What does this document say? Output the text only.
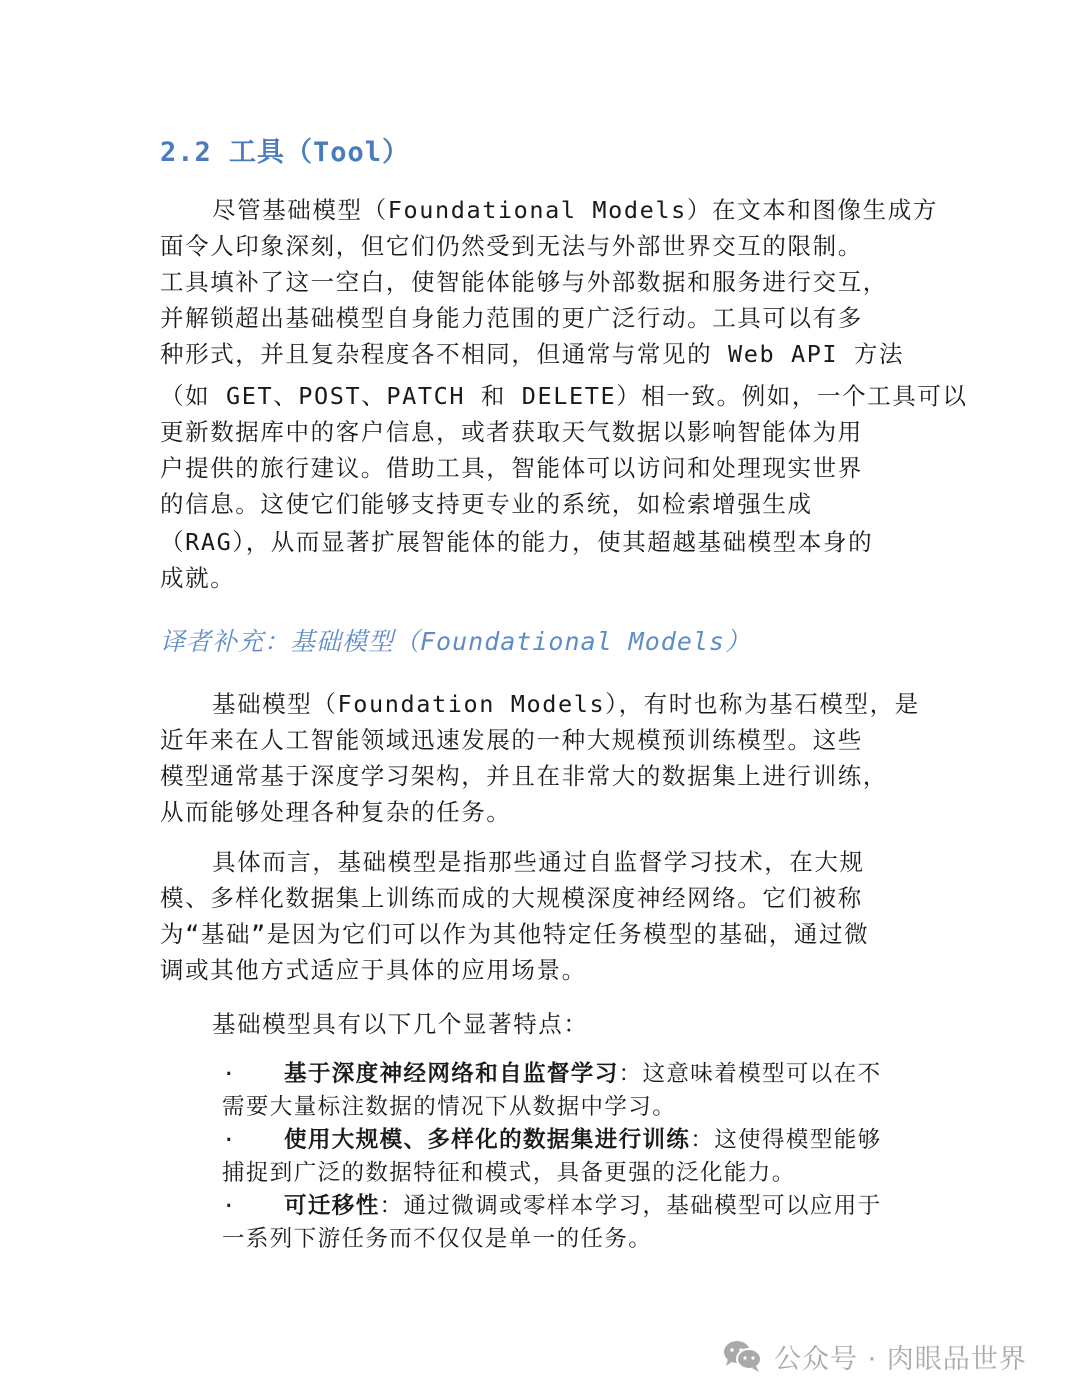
2.2 工具（Tool）

尽管基础模型（Foundational Models）在文本和图像生成方
面令人印象深刻，但它们仍然受到无法与外部世界交互的限制。
工具填补了这一空白，使智能体能够与外部数据和服务进行交互，
并解锁超出基础模型自身能力范围的更广泛行动。工具可以有多
种形式，并且复杂程度各不相同，但通常与常见的 Web API 方法
（如 GET、POST、PATCH 和 DELETE）相一致。例如，一个工具可以
更新数据库中的客户信息，或者获取天气数据以影响智能体为用
户提供的旅行建议。借助工具，智能体可以访问和处理现实世界
的信息。这使它们能够支持更专业的系统，如检索增强生成
（RAG），从而显著扩展智能体的能力，使其超越基础模型本身的
成就。

译者补充：基础模型（Foundational Models）

基础模型（Foundation Models），有时也称为基石模型，是
近年来在人工智能领域迅速发展的一种大规模预训练模型。这些
模型通常基于深度学习架构，并且在非常大的数据集上进行训练，
从而能够处理各种复杂的任务。

具体而言，基础模型是指那些通过自监督学习技术，在大规
模、多样化数据集上训练而成的大规模深度神经网络。它们被称
为“基础”是因为它们可以作为其他特定任务模型的基础，通过微
调或其他方式适应于具体的应用场景。

基础模型具有以下几个显著特点：

· 基于深度神经网络和自监督学习：这意味着模型可以在不
需要大量标注数据的情况下从数据中学习。
· 使用大规模、多样化的数据集进行训练：这使得模型能够
捕捉到广泛的数据特征和模式，具备更强的泛化能力。
· 可迁移性：通过微调或零样本学习，基础模型可以应用于
一系列下游任务而不仅仅是单一的任务。
公众号 · 肉眼品世界
